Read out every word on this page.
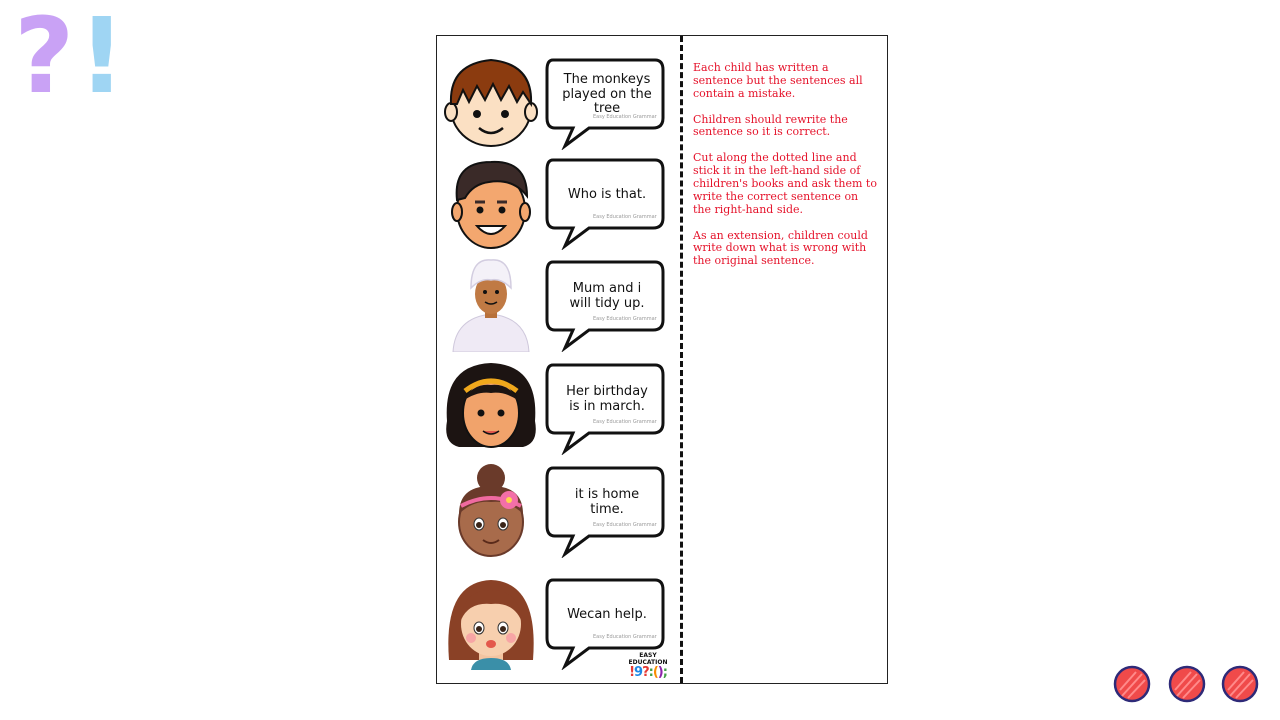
? !	The monkeys
played on the tree
Easy Education Grammar
Who is that.
Easy Education Grammar
Mum and i
will tidy up.
Easy Education Grammar
Her birthday
is in march.
Easy Education Grammar
it is home
time.
Easy Education Grammar
Wecan help.
Easy Education Grammar
EASY EDUCATION
!9?:();

Each child has written a sentence but the sentences all contain a mistake.

Children should rewrite the sentence so it is correct.

Cut along the dotted line and stick it in the left-hand side of children's books and ask them to write the correct sentence on the right-hand side.

As an extension, children could write down what is wrong with the original sentence.
